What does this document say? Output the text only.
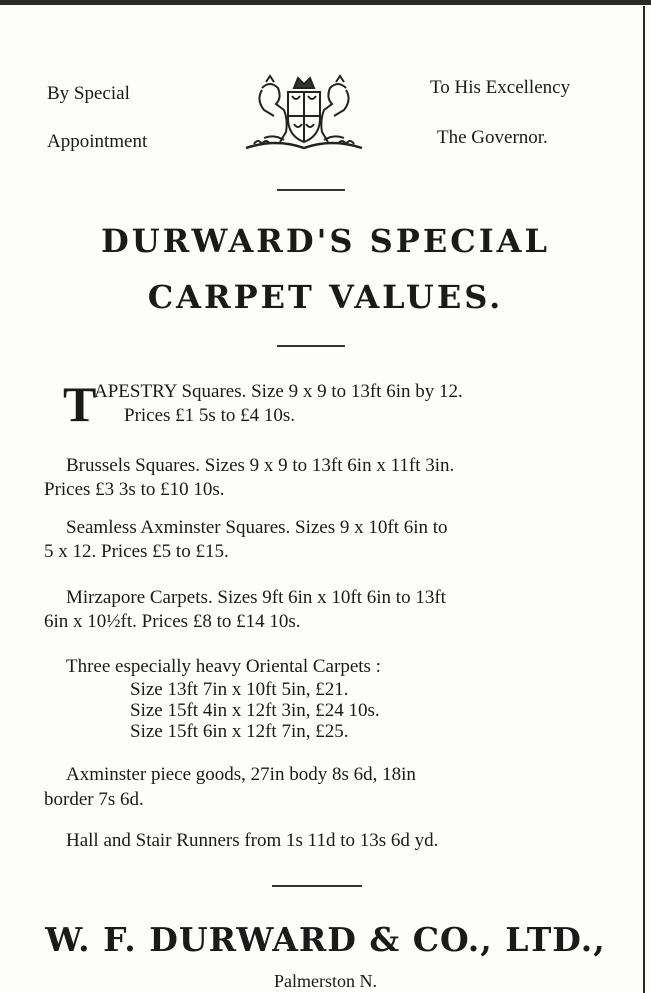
By Special
Appointment
To His Excellency
The Governor.
DURWARD'S SPECIAL
CARPET VALUES.
T
APESTRY Squares. Size 9 x 9 to 13ft 6in by 12.
Prices £1 5s to £4 10s.
Brussels Squares. Sizes 9 x 9 to 13ft 6in x 11ft 3in.
Prices £3 3s to £10 10s.
Seamless Axminster Squares. Sizes 9 x 10ft 6in to
5 x 12. Prices £5 to £15.
Mirzapore Carpets. Sizes 9ft 6in x 10ft 6in to 13ft
6in x 10½ft. Prices £8 to £14 10s.
Three especially heavy Oriental Carpets :
Size 13ft 7in x 10ft 5in, £21.
Size 15ft 4in x 12ft 3in, £24 10s.
Size 15ft 6in x 12ft 7in, £25.
Axminster piece goods, 27in body 8s 6d, 18in
border 7s 6d.
Hall and Stair Runners from 1s 11d to 13s 6d yd.
W. F. DURWARD & CO., LTD.,
Palmerston N.
